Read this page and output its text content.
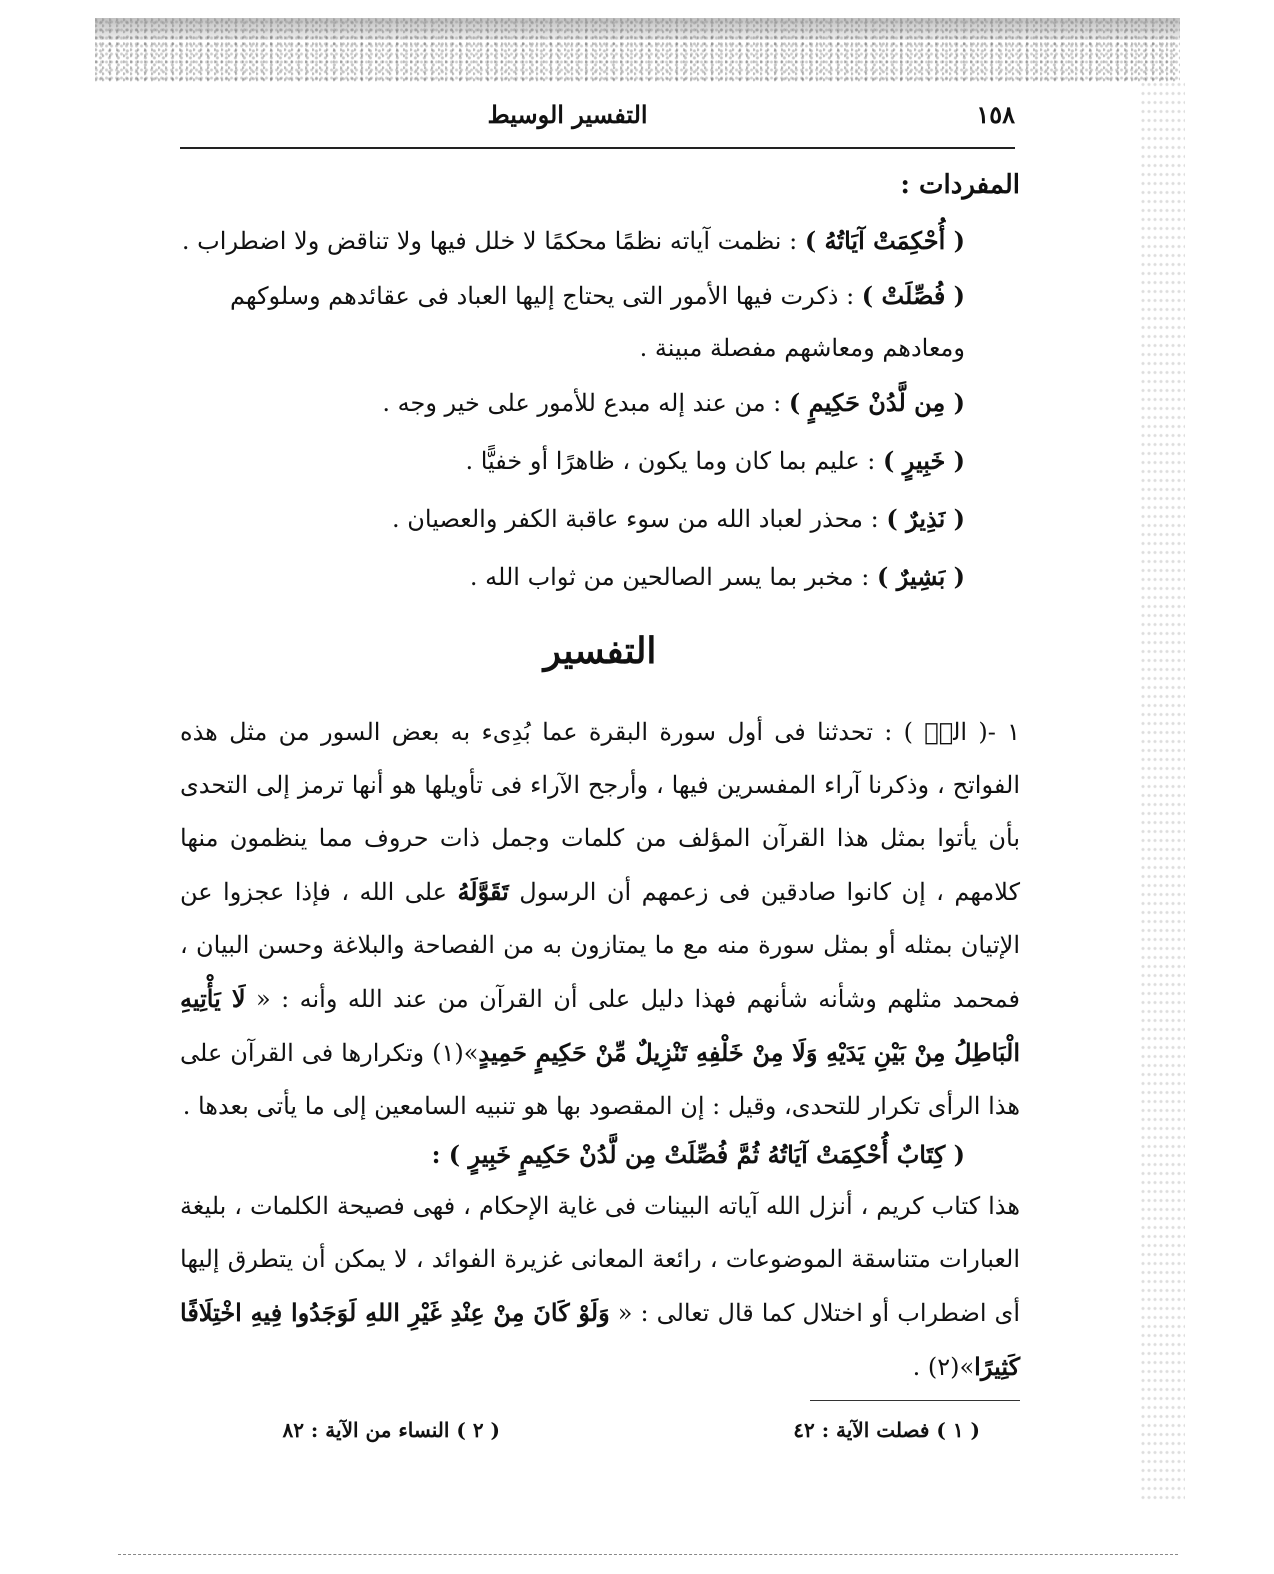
١٥٨
التفسير الوسيط
المفردات :
( أُحْكِمَتْ آيَاتُهُ ) : نظمت آياته نظمًا محكمًا لا خلل فيها ولا تناقض ولا اضطراب .
( فُصِّلَتْ ) : ذكرت فيها الأمور التى يحتاج إليها العباد فى عقائدهم وسلوكهم ومعادهم ومعاشهم مفصلة مبينة .
( مِن لَّدُنْ حَكِيمٍ ) : من عند إله مبدع للأمور على خير وجه .
( خَبِيرٍ ) : عليم بما كان وما يكون ، ظاهرًا أو خفيًّا .
( نَذِيرٌ ) : محذر لعباد الله من سوء عاقبة الكفر والعصيان .
( بَشِيرٌ ) : مخبر بما يسر الصالحين من ثواب الله .
التفسير
١ -( الرۤ ) : تحدثنا فى أول سورة البقرة عما بُدِىء به بعض السور من مثل هذه الفواتح ، وذكرنا آراء المفسرين فيها ، وأرجح الآراء فى تأويلها هو أنها ترمز إلى التحدى بأن يأتوا بمثل هذا القرآن المؤلف من كلمات وجمل ذات حروف مما ينظمون منها كلامهم ، إن كانوا صادقين فى زعمهم أن الرسول تَقَوَّلَهُ على الله ، فإذا عجزوا عن الإتيان بمثله أو بمثل سورة منه مع ما يمتازون به من الفصاحة والبلاغة وحسن البيان ، فمحمد مثلهم وشأنه شأنهم فهذا دليل على أن القرآن من عند الله وأنه : « لَا يَأْتِيهِ الْبَاطِلُ مِنْ بَيْنِ يَدَيْهِ وَلَا مِنْ خَلْفِهِ تَنْزِيلٌ مِّنْ حَكِيمٍ حَمِيدٍ»(١) وتكرارها فى القرآن على هذا الرأى تكرار للتحدى، وقيل : إن المقصود بها هو تنبيه السامعين إلى ما يأتى بعدها .
( كِتَابٌ أُحْكِمَتْ آيَاتُهُ ثُمَّ فُصِّلَتْ مِن لَّدُنْ حَكِيمٍ خَبِيرٍ ) :
هذا كتاب كريم ، أنزل الله آياته البينات فى غاية الإحكام ، فهى فصيحة الكلمات ، بليغة العبارات متناسقة الموضوعات ، رائعة المعانى غزيرة الفوائد ، لا يمكن أن يتطرق إليها أى اضطراب أو اختلال كما قال تعالى : « وَلَوْ كَانَ مِنْ عِنْدِ غَيْرِ اللهِ لَوَجَدُوا فِيهِ اخْتِلَافًا كَثِيرًا»(٢) .
( ١ ) فصلت الآية : ٤٢
( ٢ ) النساء من الآية : ٨٢
